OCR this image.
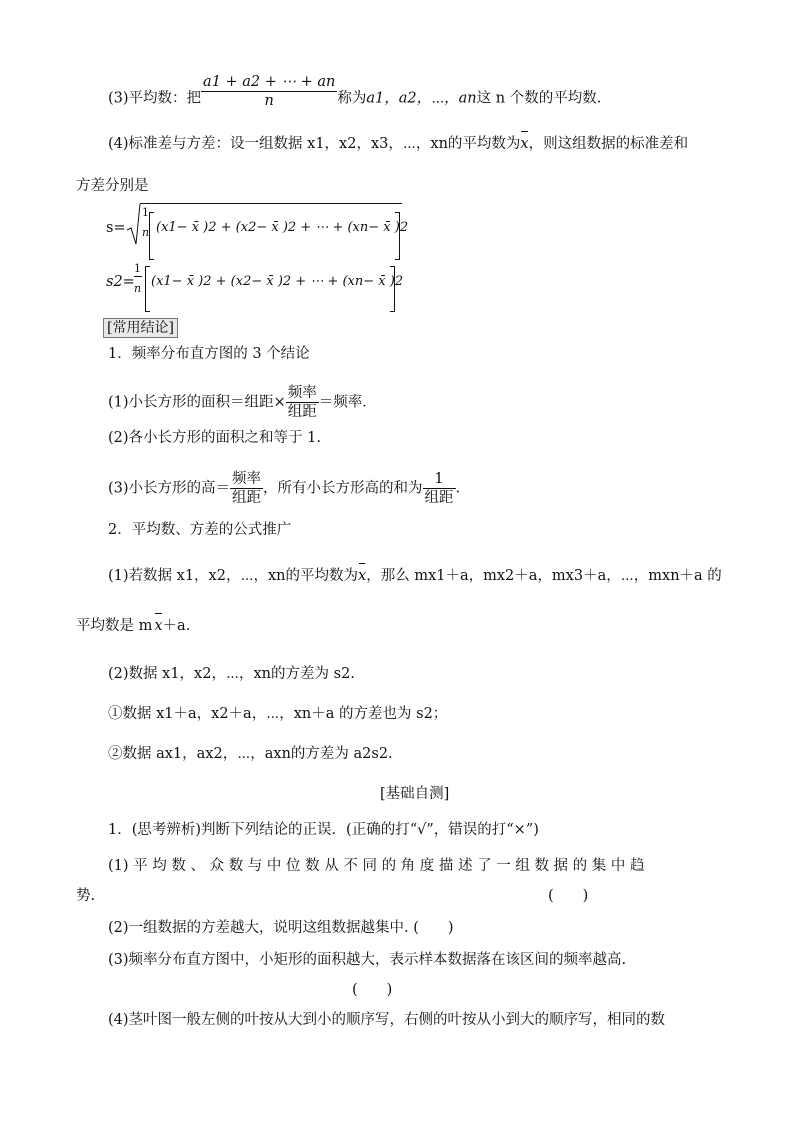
(3)平均数：把 $\frac{a1 + a2 + \cdots + an}{n}$ 称为a1，a2，⋯，an这 n 个数的平均数.
(4)标准差与方差：设一组数据 x1，x2，x3，⋯，xn的平均数为x，则这组数据的标准差和
方差分别是
s=
1
n (x1− x̄ )2 + (x2− x̄ )2 + ⋯ + (xn− x̄ )2
s2=
1
n (x1− x̄ )2 + (x2− x̄ )2 + ⋯ + (xn− x̄ )2
[常用结论]
1．频率分布直方图的 3 个结论
(1)小长方形的面积＝组距× $\frac{\text{频率}}{\text{组距}}$ ＝频率．
(2)各小长方形的面积之和等于 1.
(3)小长方形的高＝ $\frac{\text{频率}}{\text{组距}}$ ，所有小长方形高的和为 $\frac{1}{\text{组距}}$ .
2．平均数、方差的公式推广
(1)若数据 x1，x2，⋯，xn的平均数为x，那么 mx1＋a，mx2＋a，mx3＋a，⋯，mxn＋a 的
平均数是 m x＋a.
(2)数据 x1，x2，⋯，xn的方差为 s2.
①数据 x1＋a，x2＋a，⋯，xn＋a 的方差也为 s2；
②数据 ax1，ax2，⋯，axn的方差为 a2s2.
[基础自测]
1．(思考辨析)判断下列结论的正误．(正确的打“√”，错误的打“×”)
(1) 平 均 数 、 众 数 与 中 位 数 从 不 同 的 角 度 描 述 了 一 组 数 据 的 集 中 趋
势.	(　　)
(2)一组数据的方差越大，说明这组数据越集中. (　　)
(3)频率分布直方图中，小矩形的面积越大，表示样本数据落在该区间的频率越高.
(　　)
(4)茎叶图一般左侧的叶按从大到小的顺序写，右侧的叶按从小到大的顺序写，相同的数
